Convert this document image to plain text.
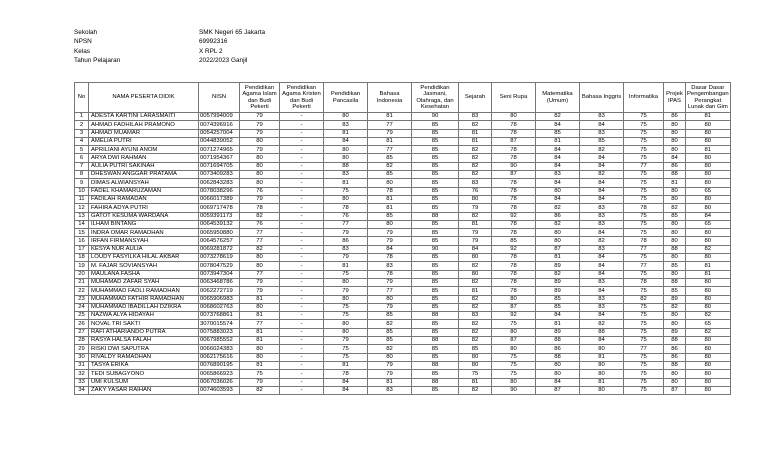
Sekolah	SMK Negeri 65 Jakarta
NPSN	69992316
Kelas	X RPL 2
Tahun Pelajaran	2022/2023 Ganjil
No	NAMA PESERTA DIDIK	NISN	Pendidikan Agama Islam dan Budi Pekerti	Pendidikan Agama Kristen dan Budi Pekerti	Pendidikan Pancasila	Bahasa Indonesia	Pendidikan Jasmani, Olahraga, dan Kesehatan	Sejarah	Seni Rupa	Matematika (Umum)	Bahasa Inggris	Informatika	Projek IPAS	Dasar Dasar Pengembangan Perangkat Lunak dan Gim
1	ADESTA KARTINI LARASMAITI	0057994009	79	-	80	81	90	83	80	82	83	75	86	81
2	AHMAD FADHILAH PRAMONO	0074396916	79	-	83	77	85	82	78	84	84	75	80	80
3	AHMAD MUAMAR	0054257004	79	-	81	79	85	81	78	85	83	75	80	80
4	AMELIA PUTRI	0044839052	80	-	84	81	85	81	87	81	85	75	80	80
5	APRILIANI AYUNI ANOM	0071274965	79	-	80	77	85	82	78	84	82	75	80	81
6	ARYA DWI RAHMAN	0071954367	80	-	80	85	85	82	78	84	84	75	84	80
7	AULIA PUTRI SAKINAH	0071694705	80	-	88	82	85	82	90	84	84	77	86	80
8	DHESWAN ANGGAR PRATAMA	0073409283	80	-	83	85	85	82	87	83	82	75	88	80
9	DIMAS ALWIANSYAH	0062843283	80	-	81	80	85	83	78	84	84	75	81	80
10	FADEL KHAMARUZAMAN	0078038296	76	-	75	78	85	76	78	80	84	75	80	65
11	FADILAH RAMADAN	0066017389	79	-	80	81	85	80	78	84	84	75	80	80
12	FAHIRA ADYA PUTRI	0069717478	78	-	78	81	85	79	78	82	83	78	82	80
13	GATOT KESUMA WARDANA	0059391173	82	-	76	85	88	82	92	86	83	75	85	84
14	ILHAM BINTANG	0064539132	76	-	77	80	85	81	78	82	83	75	80	65
15	INDRA OMAR RAMADHAN	0065950880	77	-	79	79	85	79	78	80	84	75	80	80
16	IRFAN FIRMANSYAH	0064576257	77	-	86	79	85	79	85	80	82	78	80	80
17	KESYA NUR AULIA	0069281872	82	-	83	84	90	84	92	87	83	77	88	82
18	LOUDY FASYILKA HILAL AKBAR	0073278619	80	-	79	78	85	80	78	81	84	75	80	80
19	M. FAJAR SOVIANSYAH	0078047529	80	-	81	83	85	82	78	89	84	77	85	81
20	MAULANA FASHA	0073947304	77	-	75	78	85	80	78	82	84	75	80	81
21	MUHAMAD ZAFAR SYAH	0063468786	79	-	80	79	85	82	78	89	83	78	88	80
22	MUHAMMAD FADLI RAMADHAN	0062272719	79	-	79	77	85	81	78	89	84	75	85	80
23	MUHAMMAD FATHIR RAMADHAN	0065906983	81	-	80	80	85	82	80	85	83	82	89	80
24	MUHAMMAD IBADILLAH DZIKRA	0068602763	80	-	75	79	85	82	87	85	83	75	82	80
25	NAZWA ALYA HIDAYAH	0073768861	81	-	75	85	88	83	92	84	84	75	80	82
26	NOVAL TRI SAKTI	3070015574	77	-	80	82	85	82	75	81	82	75	80	65
27	RAFI ATHARIANDO PUTRA	0075883023	81	-	80	85	85	82	80	89	88	75	89	82
28	RASYA HALSA FALAH	0067985552	81	-	79	85	88	82	87	88	84	75	88	80
29	RISKI DWI SAPUTRA	0066024383	80	-	75	82	85	85	80	86	80	77	86	80
30	RIVALDY RAMADHAN	0062175616	80	-	75	80	85	80	75	88	81	75	86	80
31	TASYA ERIKA	0076890195	81	-	81	79	88	80	75	80	80	75	88	80
32	TEDI SUBAGYONO	0065866923	75	-	78	79	85	75	75	80	80	75	80	80
33	UMI KULSUM	0067036026	79	-	84	81	88	81	80	84	81	75	80	80
34	ZAKY YASAR RAIHAN	0074603593	82	-	84	83	85	82	90	87	80	75	87	80
